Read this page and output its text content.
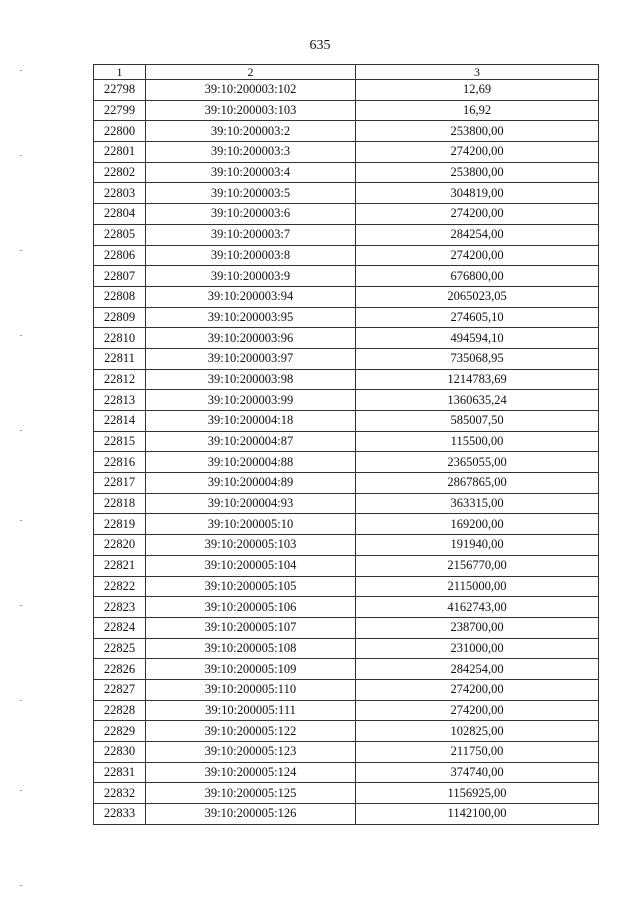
635
1	2	3
22798	39:10:200003:102	12,69
22799	39:10:200003:103	16,92
22800	39:10:200003:2	253800,00
22801	39:10:200003:3	274200,00
22802	39:10:200003:4	253800,00
22803	39:10:200003:5	304819,00
22804	39:10:200003:6	274200,00
22805	39:10:200003:7	284254,00
22806	39:10:200003:8	274200,00
22807	39:10:200003:9	676800,00
22808	39:10:200003:94	2065023,05
22809	39:10:200003:95	274605,10
22810	39:10:200003:96	494594,10
22811	39:10:200003:97	735068,95
22812	39:10:200003:98	1214783,69
22813	39:10:200003:99	1360635,24
22814	39:10:200004:18	585007,50
22815	39:10:200004:87	115500,00
22816	39:10:200004:88	2365055,00
22817	39:10:200004:89	2867865,00
22818	39:10:200004:93	363315,00
22819	39:10:200005:10	169200,00
22820	39:10:200005:103	191940,00
22821	39:10:200005:104	2156770,00
22822	39:10:200005:105	2115000,00
22823	39:10:200005:106	4162743,00
22824	39:10:200005:107	238700,00
22825	39:10:200005:108	231000,00
22826	39:10:200005:109	284254,00
22827	39:10:200005:110	274200,00
22828	39:10:200005:111	274200,00
22829	39:10:200005:122	102825,00
22830	39:10:200005:123	211750,00
22831	39:10:200005:124	374740,00
22832	39:10:200005:125	1156925,00
22833	39:10:200005:126	1142100,00
